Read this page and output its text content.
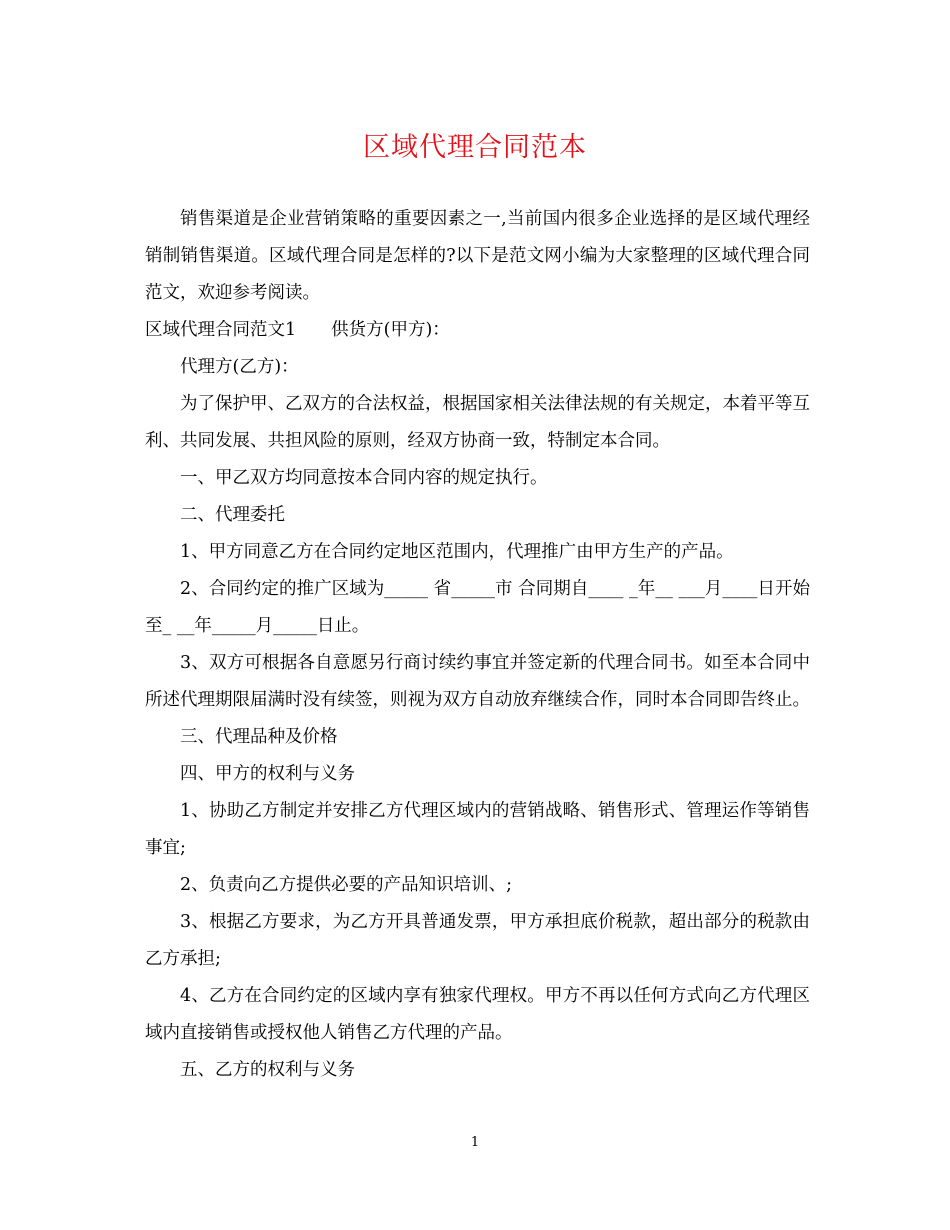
区域代理合同范本

销售渠道是企业营销策略的重要因素之一,当前国内很多企业选择的是区域代理经销制销售渠道。区域代理合同是怎样的?以下是范文网小编为大家整理的区域代理合同范文，欢迎参考阅读。

区域代理合同范文1　　供货方(甲方)：

代理方(乙方)：

为了保护甲、乙双方的合法权益，根据国家相关法律法规的有关规定，本着平等互利、共同发展、共担风险的原则，经双方协商一致，特制定本合同。

一、甲乙双方均同意按本合同内容的规定执行。

二、代理委托

1、甲方同意乙方在合同约定地区范围内，代理推广由甲方生产的产品。

2、合同约定的推广区域为_____ 省_____市 合同期自____ _年__ ___月____日开始至_ __年_____月_____日止。

3、双方可根据各自意愿另行商讨续约事宜并签定新的代理合同书。如至本合同中所述代理期限届满时没有续签，则视为双方自动放弃继续合作，同时本合同即告终止。

三、代理品种及价格

四、甲方的权利与义务

1、协助乙方制定并安排乙方代理区域内的营销战略、销售形式、管理运作等销售事宜;

2、负责向乙方提供必要的产品知识培训、;

3、根据乙方要求，为乙方开具普通发票，甲方承担底价税款，超出部分的税款由乙方承担;

4、乙方在合同约定的区域内享有独家代理权。甲方不再以任何方式向乙方代理区域内直接销售或授权他人销售乙方代理的产品。

五、乙方的权利与义务

1
